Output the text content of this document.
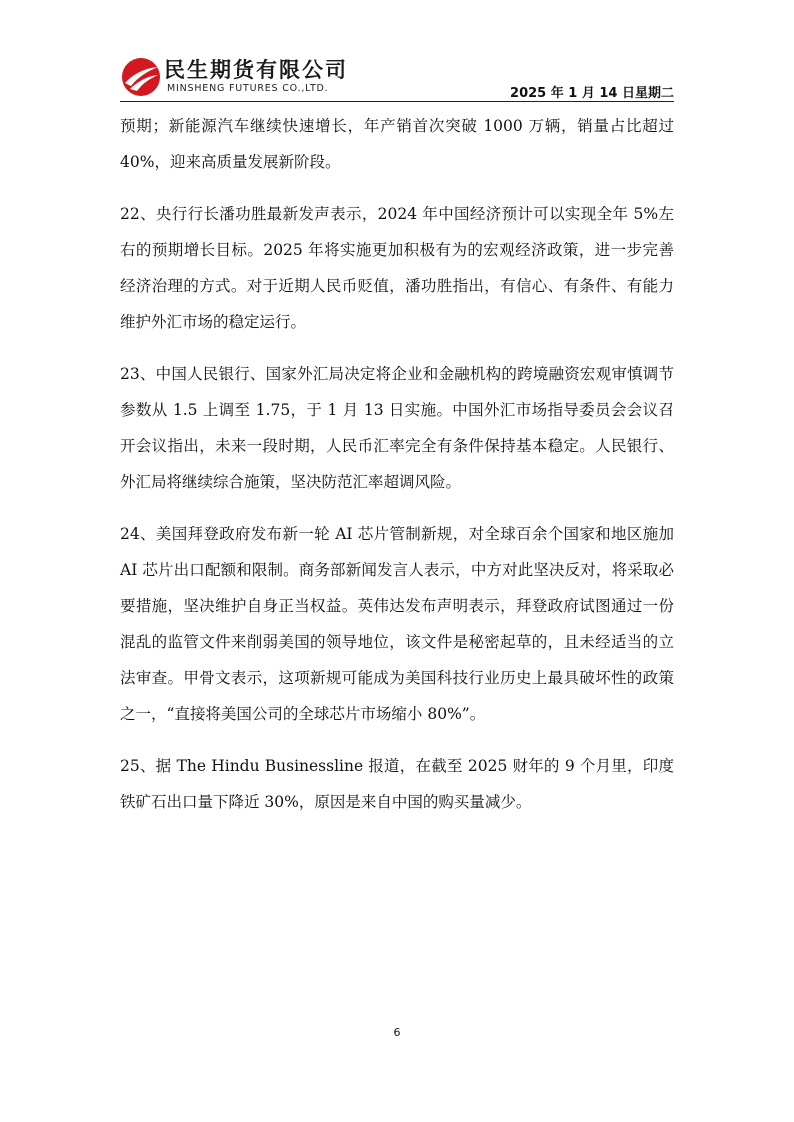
民生期货有限公司
MINSHENG FUTURES CO.,LTD.	2025 年 1 月 14 日星期二

预期；新能源汽车继续快速增长，年产销首次突破 1000 万辆，销量占比超过 40%，迎来高质量发展新阶段。

22、央行行长潘功胜最新发声表示，2024 年中国经济预计可以实现全年 5%左右的预期增长目标。2025 年将实施更加积极有为的宏观经济政策，进一步完善经济治理的方式。对于近期人民币贬值，潘功胜指出，有信心、有条件、有能力维护外汇市场的稳定运行。

23、中国人民银行、国家外汇局决定将企业和金融机构的跨境融资宏观审慎调节参数从 1.5 上调至 1.75，于 1 月 13 日实施。中国外汇市场指导委员会会议召开会议指出，未来一段时期，人民币汇率完全有条件保持基本稳定。人民银行、外汇局将继续综合施策，坚决防范汇率超调风险。

24、美国拜登政府发布新一轮 AI 芯片管制新规，对全球百余个国家和地区施加 AI 芯片出口配额和限制。商务部新闻发言人表示，中方对此坚决反对，将采取必要措施，坚决维护自身正当权益。英伟达发布声明表示，拜登政府试图通过一份混乱的监管文件来削弱美国的领导地位，该文件是秘密起草的，且未经适当的立法审查。甲骨文表示，这项新规可能成为美国科技行业历史上最具破坏性的政策之一，“直接将美国公司的全球芯片市场缩小 80%”。

25、据 The Hindu Businessline 报道，在截至 2025 财年的 9 个月里，印度铁矿石出口量下降近 30%，原因是来自中国的购买量减少。

6
